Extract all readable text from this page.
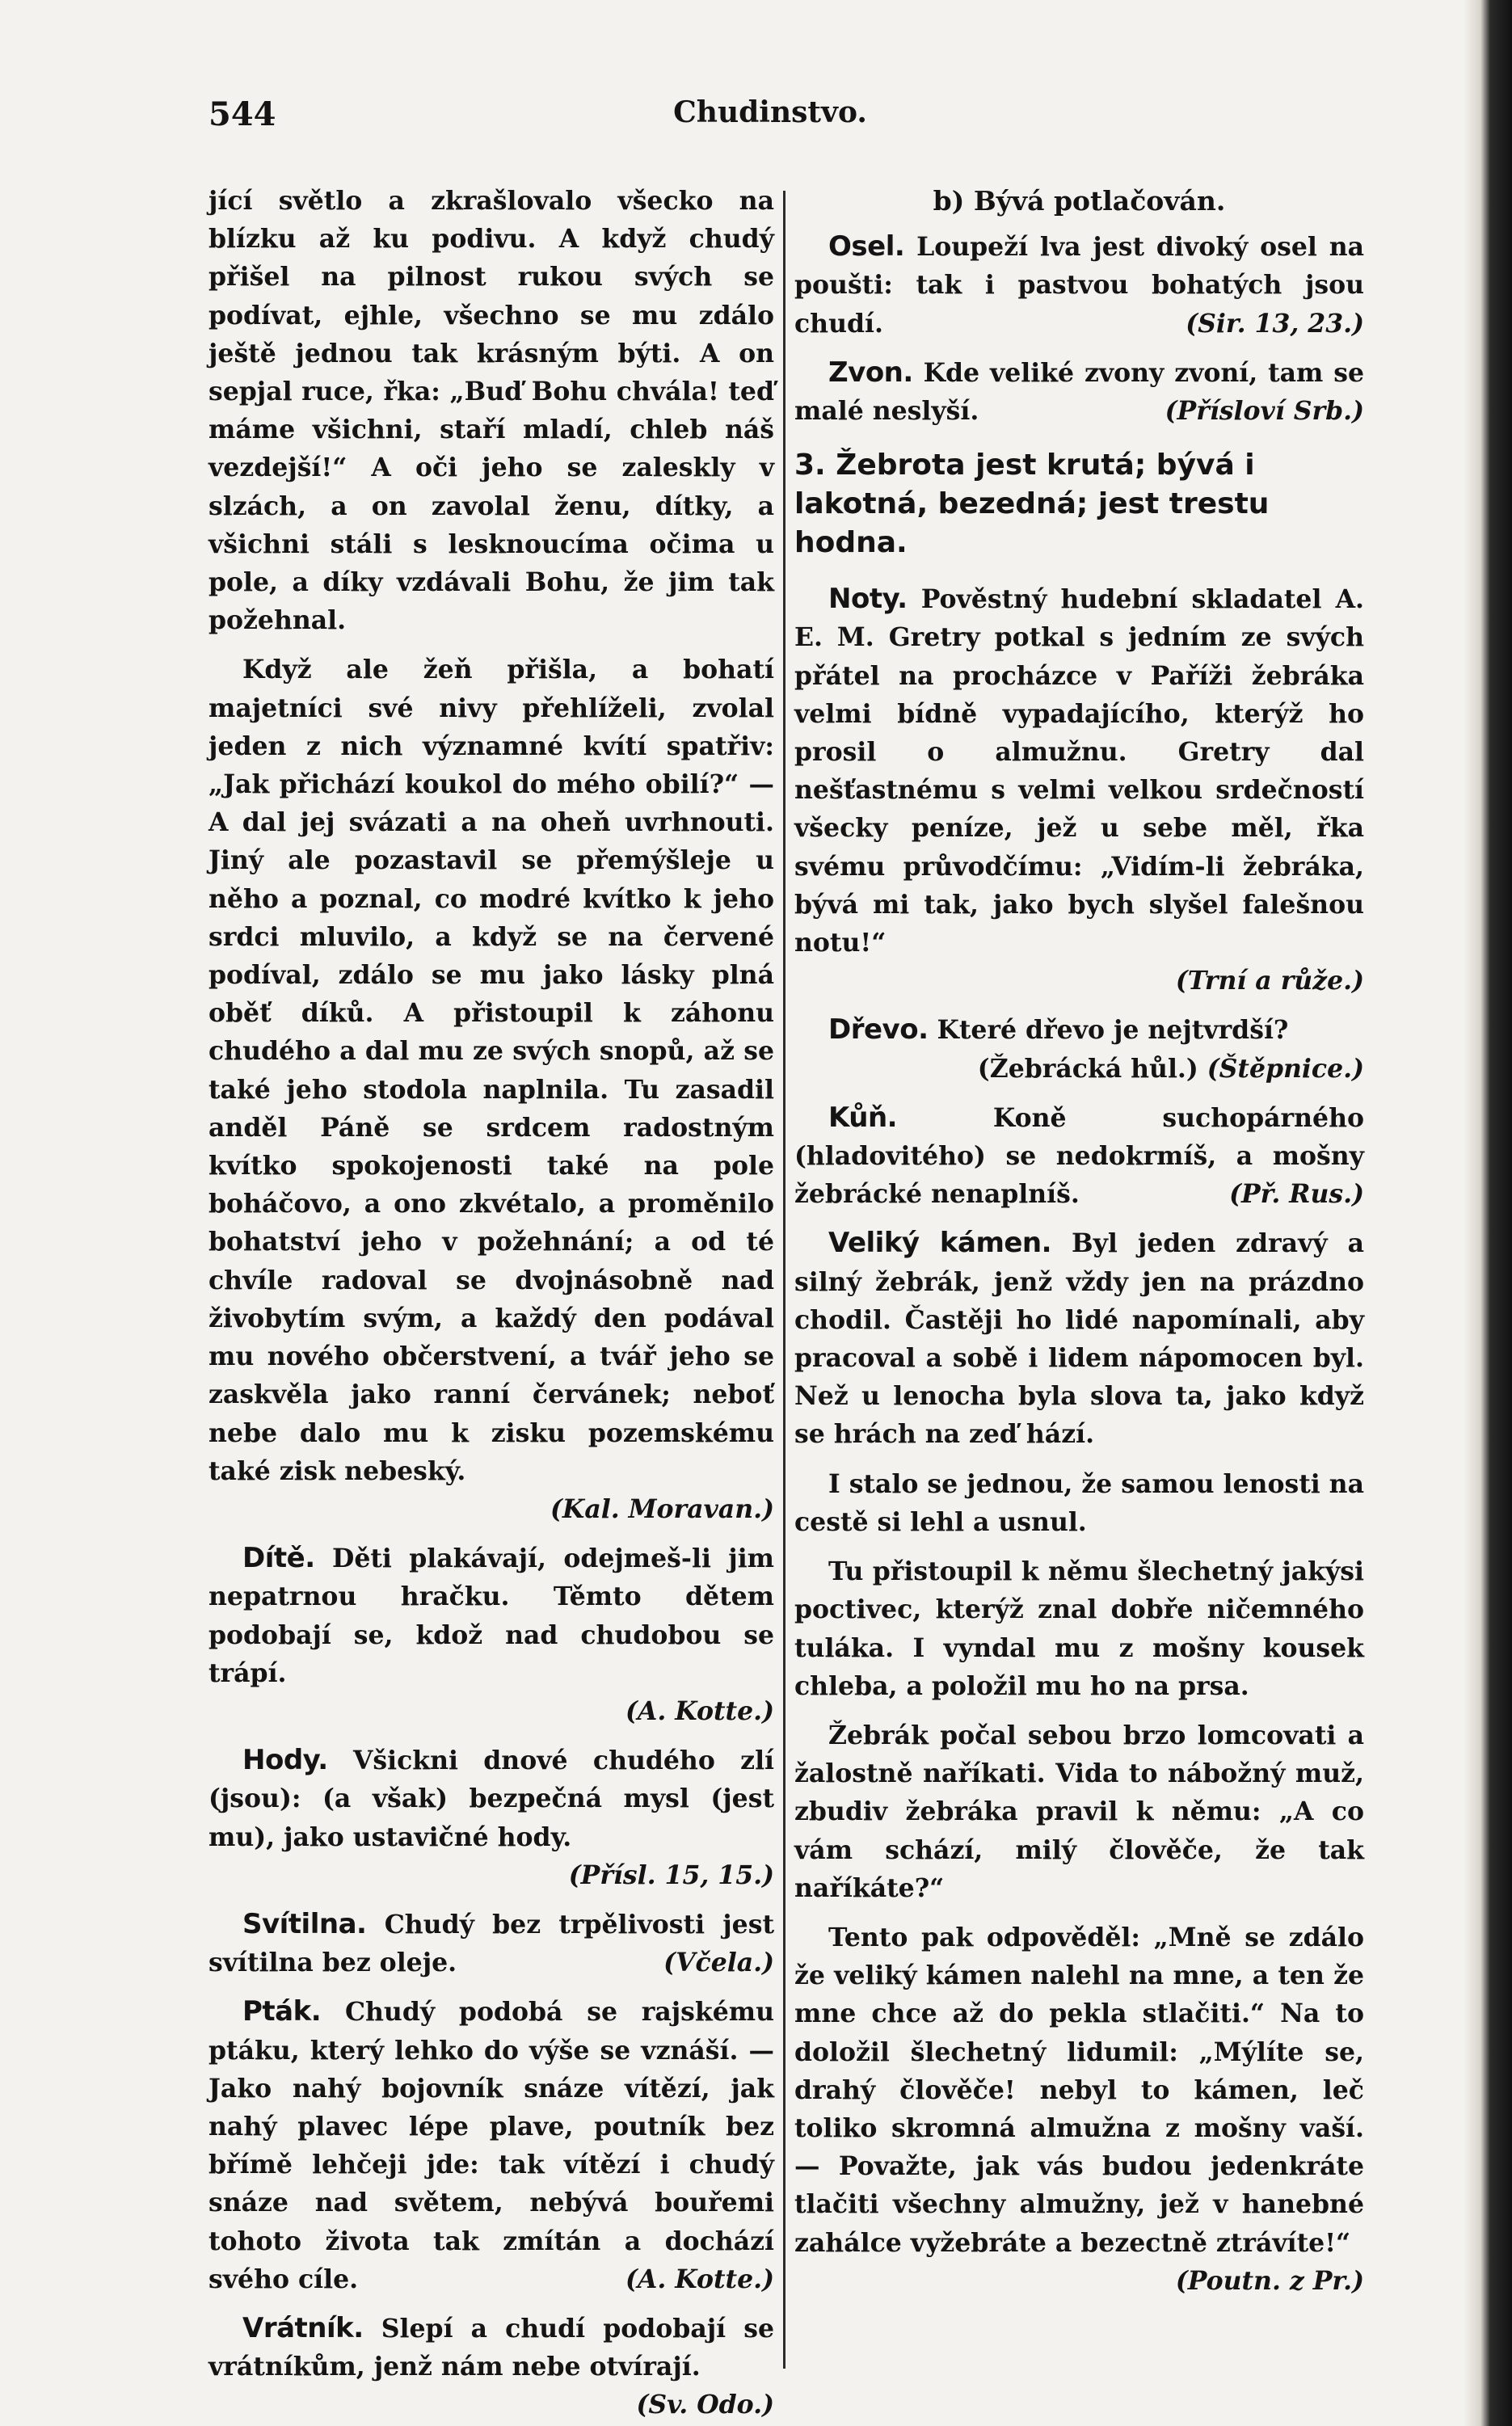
544	Chudinstvo.

jící světlo a zkrašlovalo všecko na blízku až ku podivu. A když chudý přišel na pilnost rukou svých se podívat, ejhle, všechno se mu zdálo ještě jednou tak krásným býti. A on sepjal ruce, řka: „Buď Bohu chvála! teď máme všichni, staří mladí, chleb náš vezdejší!“ A oči jeho se zaleskly v slzách, a on zavolal ženu, dítky, a všichni stáli s lesknoucíma očima u pole, a díky vzdávali Bohu, že jim tak požehnal.

Když ale žeň přišla, a bohatí majetníci své nivy přehlíželi, zvolal jeden z nich významné kvítí spatřiv: „Jak přichází koukol do mého obilí?“ — A dal jej svázati a na oheň uvrhnouti. Jiný ale pozastavil se přemýšleje u něho a poznal, co modré kvítko k jeho srdci mluvilo, a když se na červené podíval, zdálo se mu jako lásky plná oběť díků. A přistoupil k záhonu chudého a dal mu ze svých snopů, až se také jeho stodola naplnila. Tu zasadil anděl Páně se srdcem radostným kvítko spokojenosti také na pole boháčovo, a ono zkvétalo, a proměnilo bohatství jeho v požehnání; a od té chvíle radoval se dvojnásobně nad živobytím svým, a každý den podával mu nového občerstvení, a tvář jeho se zaskvěla jako ranní červánek; neboť nebe dalo mu k zisku pozemskému také zisk nebeský.

(Kal. Moravan.)

Dítě. Děti plakávají, odejmeš-li jim nepatrnou hračku. Těmto dětem podobají se, kdož nad chudobou se trápí.

(A. Kotte.)

Hody. Všickni dnové chudého zlí (jsou): (a však) bezpečná mysl (jest mu), jako ustavičné hody.

(Přísl. 15, 15.)

Svítilna. Chudý bez trpělivosti jest svítilna bez oleje.	(Včela.)

Pták. Chudý podobá se rajskému ptáku, který lehko do výše se vznáší. — Jako nahý bojovník snáze vítězí, jak nahý plavec lépe plave, poutník bez břímě lehčeji jde: tak vítězí i chudý snáze nad světem, nebývá bouřemi tohoto života tak zmítán a dochází svého cíle.	(A. Kotte.)

Vrátník. Slepí a chudí podobají se vrátníkům, jenž nám nebe otvírají.

(Sv. Odo.)

b) Bývá potlačován.

Osel. Loupeží lva jest divoký osel na poušti: tak i pastvou bohatých jsou chudí.	(Sir. 13, 23.)

Zvon. Kde veliké zvony zvoní, tam se malé neslyší.	(Přísloví Srb.)

3. Žebrota jest krutá; bývá i lakotná, bezedná; jest trestu hodna.

Noty. Pověstný hudební skladatel A. E. M. Gretry potkal s jedním ze svých přátel na procházce v Paříži žebráka velmi bídně vypadajícího, kterýž ho prosil o almužnu. Gretry dal nešťastnému s velmi velkou srdečností všecky peníze, jež u sebe měl, řka svému průvodčímu: „Vidím-li žebráka, bývá mi tak, jako bych slyšel falešnou notu!“

(Trní a růže.)

Dřevo. Které dřevo je nejtvrdší?

(Žebrácká hůl.) (Štěpnice.)

Kůň.	Koně suchopárného (hladovitého) se nedokrmíš, a mošny žebrácké nenaplníš.	(Př. Rus.)

Veliký kámen. Byl jeden zdravý a silný žebrák, jenž vždy jen na prázdno chodil. Častěji ho lidé napomínali, aby pracoval a sobě i lidem nápomocen byl. Než u lenocha byla slova ta, jako když se hrách na zeď hází.

I stalo se jednou, že samou lenosti na cestě si lehl a usnul.

Tu přistoupil k němu šlechetný jakýsi poctivec, kterýž znal dobře ničemného tuláka. I vyndal mu z mošny kousek chleba, a položil mu ho na prsa.

Žebrák počal sebou brzo lomcovati a žalostně naříkati. Vida to nábožný muž, zbudiv žebráka pravil k němu: „A co vám schází, milý člověče, že tak naříkáte?“

Tento pak odpověděl: „Mně se zdálo že veliký kámen nalehl na mne, a ten že mne chce až do pekla stlačiti.“ Na to doložil šlechetný lidumil: „Mýlíte se, drahý člověče! nebyl to kámen, leč toliko skromná almužna z mošny vaší. — Považte, jak vás budou jedenkráte tlačiti všechny almužny, jež v hanebné zahálce vyžebráte a bezectně ztrávíte!“

(Poutn. z Pr.)
